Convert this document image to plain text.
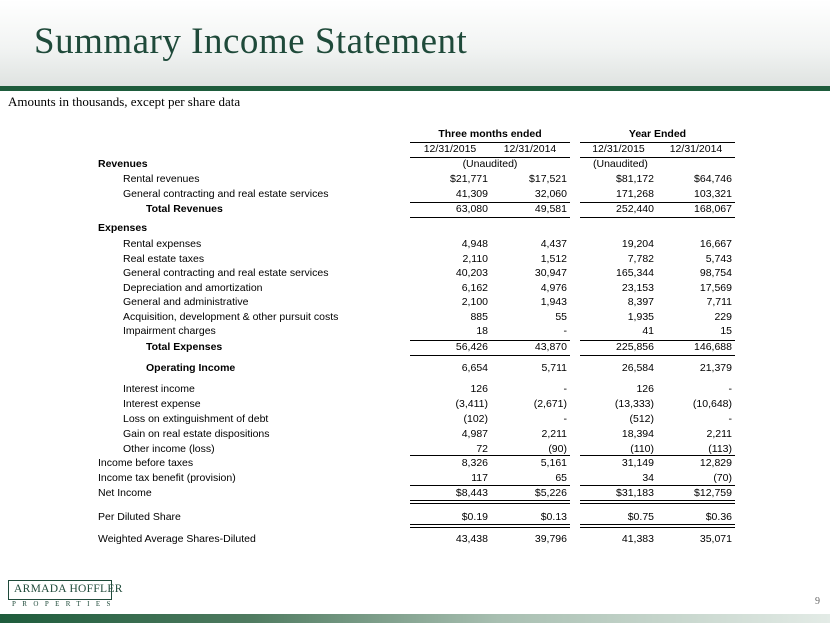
Summary Income Statement
Amounts in thousands, except per share data
Three months ended	Year Ended
12/31/2015	12/31/2014	12/31/2015	12/31/2014
Revenues	(Unaudited)	(Unaudited)
Rental revenues	$21,771	$17,521	$81,172	$64,746
General contracting and real estate services	41,309	32,060	171,268	103,321
Total Revenues	63,080	49,581	252,440	168,067
Expenses
Rental expenses	4,948	4,437	19,204	16,667
Real estate taxes	2,110	1,512	7,782	5,743
General contracting and real estate services	40,203	30,947	165,344	98,754
Depreciation and amortization	6,162	4,976	23,153	17,569
General and administrative	2,100	1,943	8,397	7,711
Acquisition, development & other pursuit costs	885	55	1,935	229
Impairment charges	18	-	41	15
Total Expenses	56,426	43,870	225,856	146,688
Operating Income	6,654	5,711	26,584	21,379
Interest income	126	-	126	-
Interest expense	(3,411)	(2,671)	(13,333)	(10,648)
Loss on extinguishment of debt	(102)	-	(512)	-
Gain on real estate dispositions	4,987	2,211	18,394	2,211
Other income (loss)	72	(90)	(110)	(113)
Income before taxes	8,326	5,161	31,149	12,829
Income tax benefit (provision)	117	65	34	(70)
Net Income	$8,443	$5,226	$31,183	$12,759
Per Diluted Share	$0.19	$0.13	$0.75	$0.36
Weighted Average Shares-Diluted	43,438	39,796	41,383	35,071
ARMADA HOFFLER
PROPERTIES	9
